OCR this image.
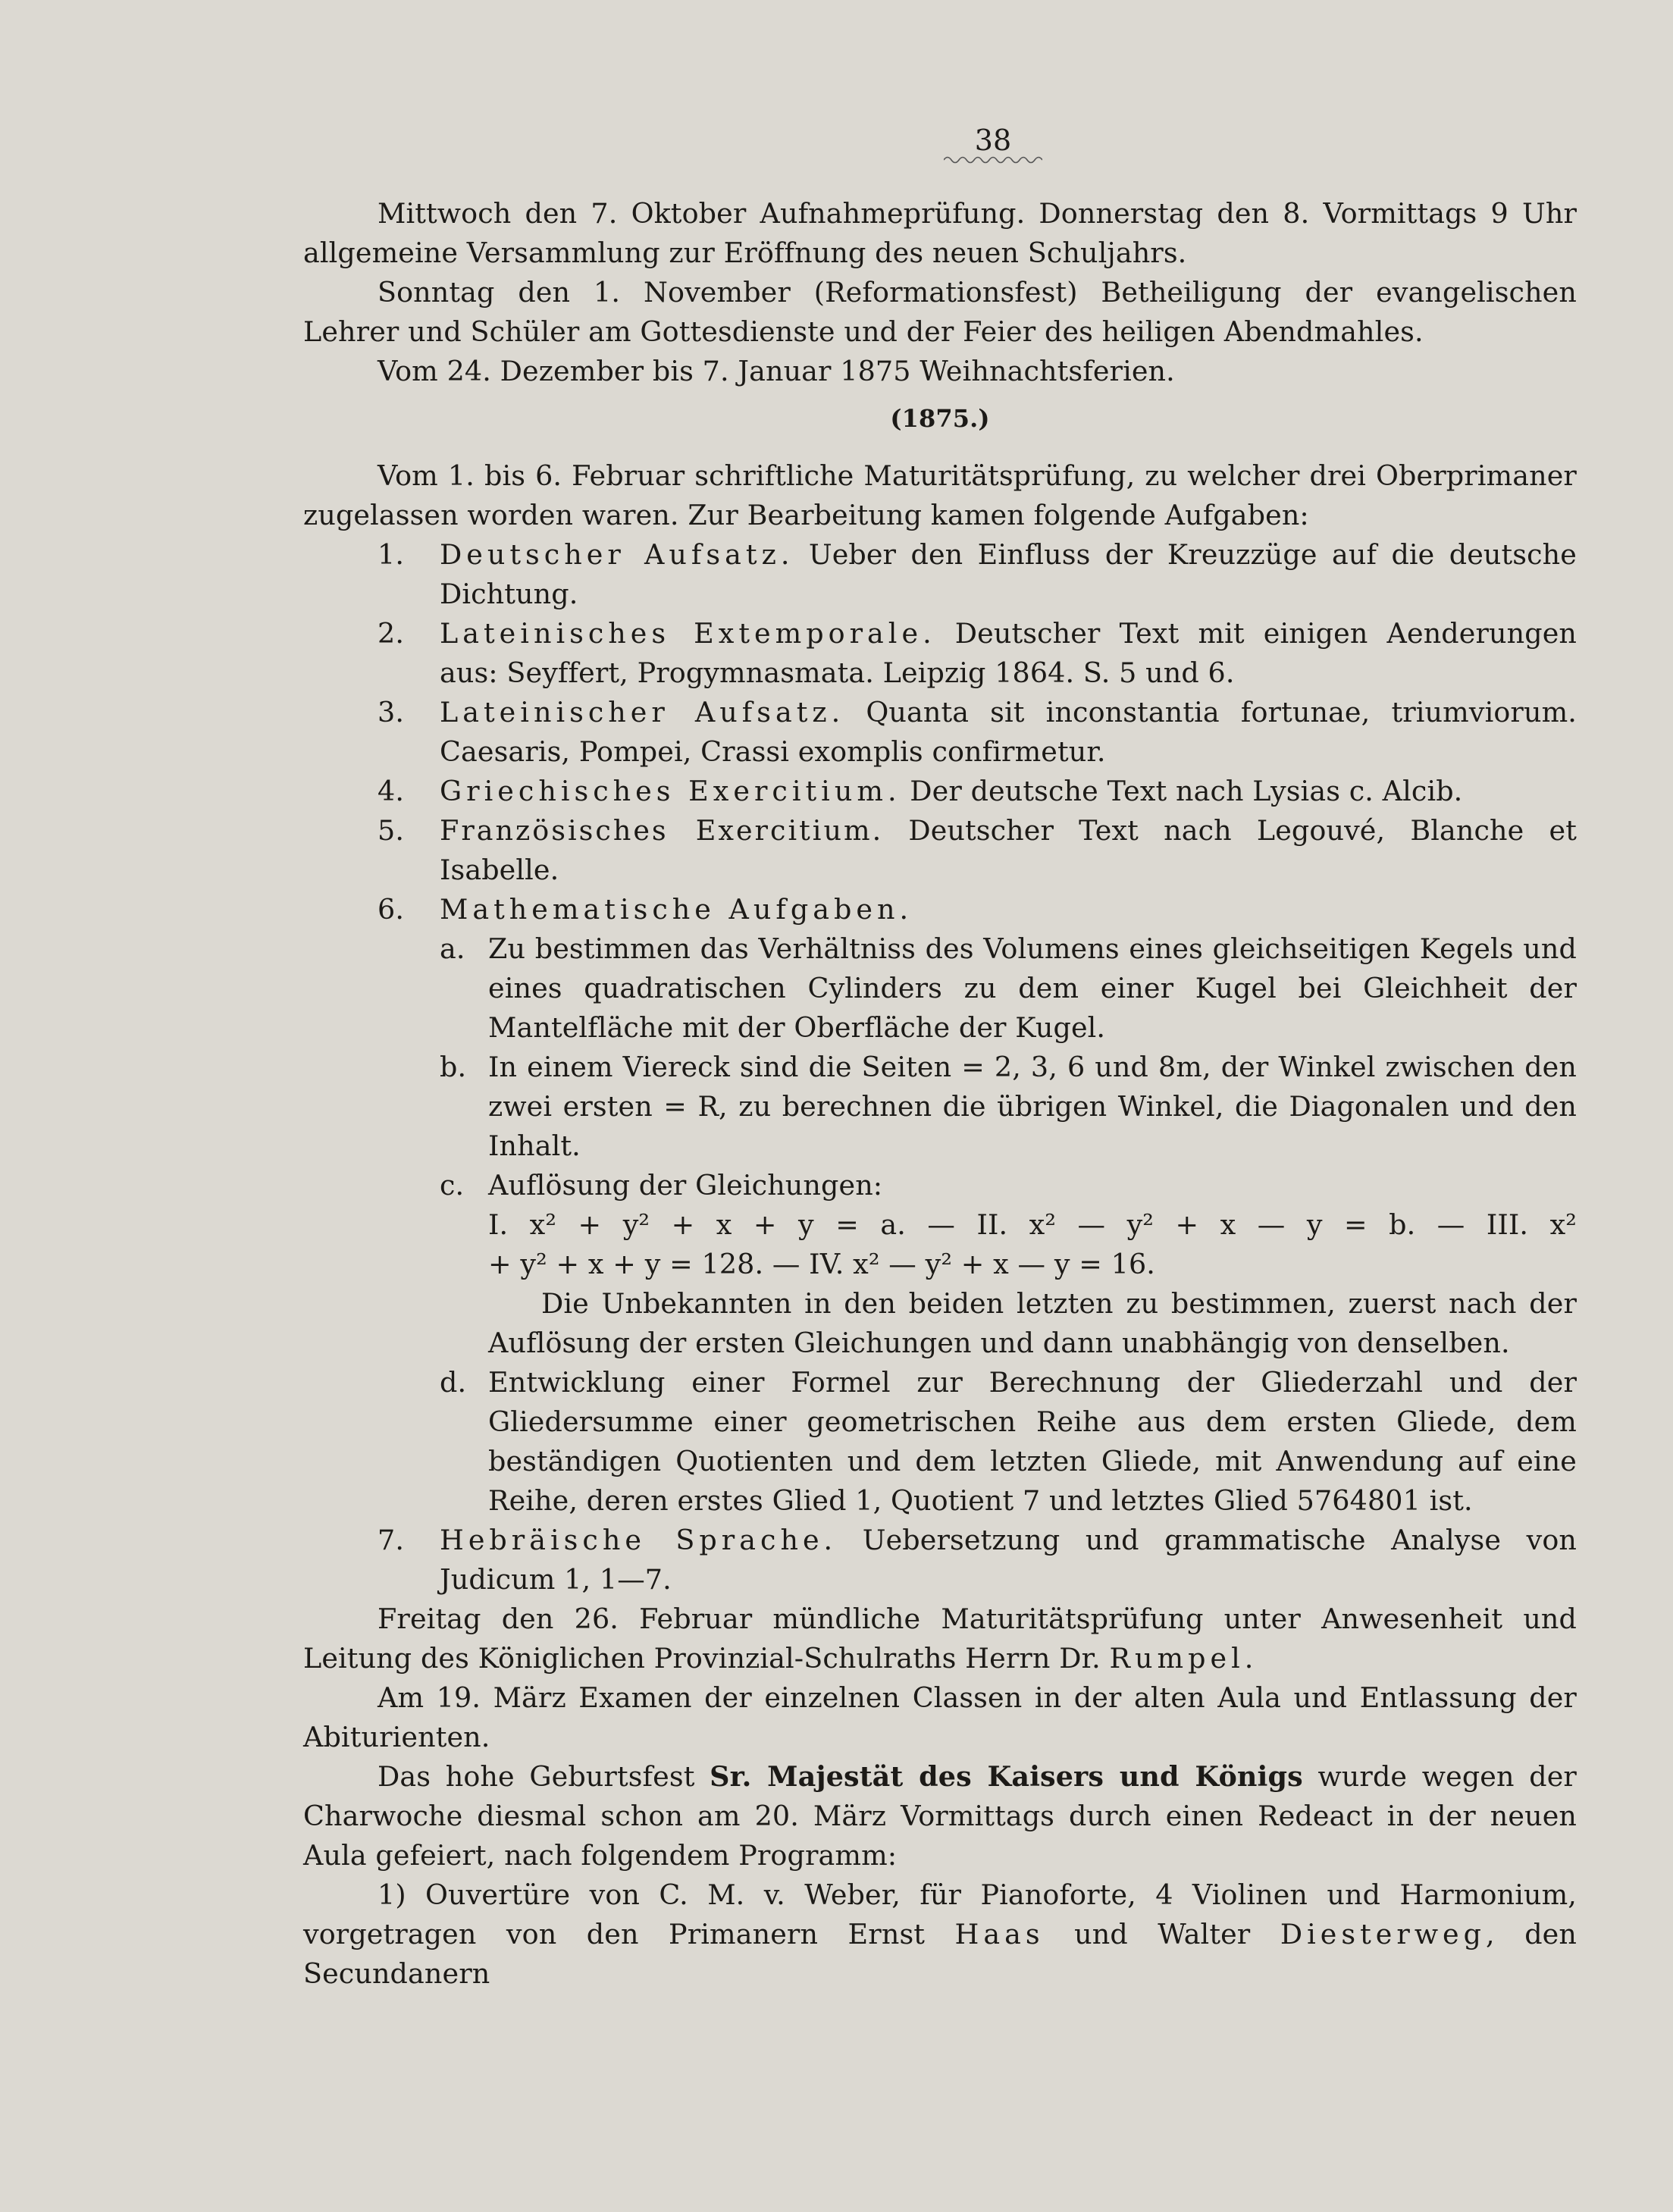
38

Mittwoch den 7. Oktober Aufnahmeprüfung. Donnerstag den 8. Vormittags 9 Uhr allgemeine Versammlung zur Eröffnung des neuen Schuljahrs.

Sonntag den 1. November (Reformationsfest) Betheiligung der evangelischen Lehrer und Schüler am Gottesdienste und der Feier des heiligen Abendmahles.

Vom 24. Dezember bis 7. Januar 1875 Weihnachtsferien.

(1875.)

Vom 1. bis 6. Februar schriftliche Maturitätsprüfung, zu welcher drei Oberprimaner zugelassen worden waren. Zur Bearbeitung kamen folgende Aufgaben:

1. Deutscher Aufsatz. Ueber den Einfluss der Kreuzzüge auf die deutsche Dichtung.
2. Lateinisches Extemporale. Deutscher Text mit einigen Aenderungen aus: Seyffert, Progymnasmata. Leipzig 1864. S. 5 und 6.
3. Lateinischer Aufsatz. Quanta sit inconstantia fortunae, triumviorum. Caesaris, Pompei, Crassi exomplis confirmetur.
4. Griechisches Exercitium. Der deutsche Text nach Lysias c. Alcib.
5. Französisches Exercitium. Deutscher Text nach Legouvé, Blanche et Isabelle.
6. Mathematische Aufgaben.
a. Zu bestimmen das Verhältniss des Volumens eines gleichseitigen Kegels und eines quadratischen Cylinders zu dem einer Kugel bei Gleichheit der Mantelfläche mit der Oberfläche der Kugel.
b. In einem Viereck sind die Seiten = 2, 3, 6 und 8m, der Winkel zwischen den zwei ersten = R, zu berechnen die übrigen Winkel, die Diagonalen und den Inhalt.
c. Auflösung der Gleichungen:
I. x² + y² + x + y = a. — II. x² — y² + x — y = b. — III. x²
+ y² + x + y = 128. — IV. x² — y² + x — y = 16.

Die Unbekannten in den beiden letzten zu bestimmen, zuerst nach der Auflösung der ersten Gleichungen und dann unabhängig von denselben.

d. Entwicklung einer Formel zur Berechnung der Gliederzahl und der Gliedersumme einer geometrischen Reihe aus dem ersten Gliede, dem beständigen Quotienten und dem letzten Gliede, mit Anwendung auf eine Reihe, deren erstes Glied 1, Quotient 7 und letztes Glied 5764801 ist.
7. Hebräische Sprache. Uebersetzung und grammatische Analyse von Judicum 1, 1—7.

Freitag den 26. Februar mündliche Maturitätsprüfung unter Anwesenheit und Leitung des Königlichen Provinzial-Schulraths Herrn Dr. Rumpel.

Am 19. März Examen der einzelnen Classen in der alten Aula und Entlassung der Abiturienten.

Das hohe Geburtsfest Sr. Majestät des Kaisers und Königs wurde wegen der Charwoche diesmal schon am 20. März Vormittags durch einen Redeact in der neuen Aula gefeiert, nach folgendem Programm:

1) Ouvertüre von C. M. v. Weber, für Pianoforte, 4 Violinen und Harmonium, vorgetragen von den Primanern Ernst Haas und Walter Diesterweg, den Secundanern
